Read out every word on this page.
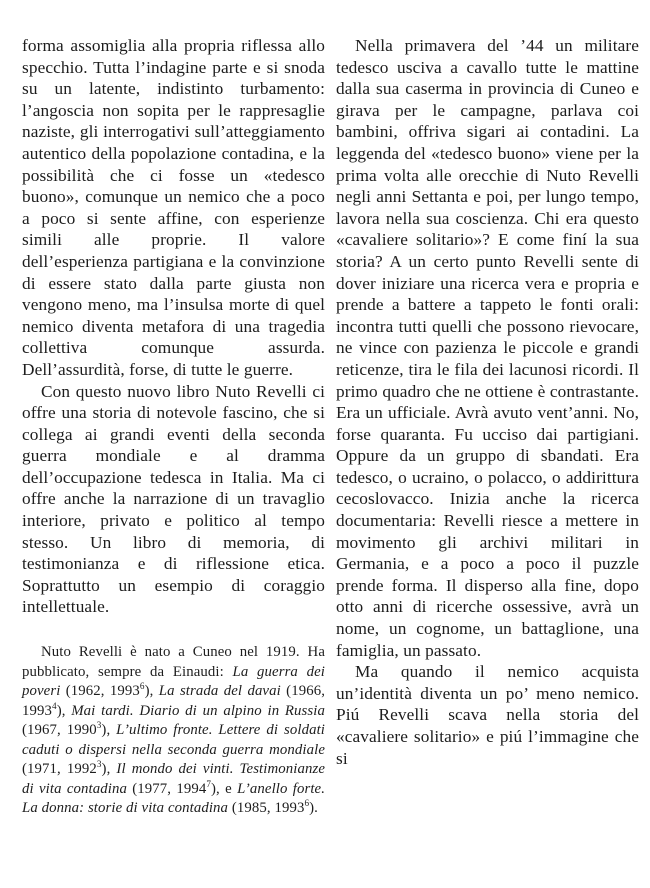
forma assomiglia alla propria riflessa allo specchio. Tutta l’indagine parte e si snoda su un latente, indistinto turbamento: l’angoscia non sopita per le rappresaglie naziste, gli interrogativi sull’atteggiamento autentico della popolazione contadina, e la possibilità che ci fosse un «tedesco buono», comunque un nemico che a poco a poco si sente affine, con esperienze simili alle proprie. Il valore dell’esperienza partigiana e la convinzione di essere stato dalla parte giusta non vengono meno, ma l’insulsa morte di quel nemico diventa metafora di una tragedia collettiva comunque assurda. Dell’assurdità, forse, di tutte le guerre.

Con questo nuovo libro Nuto Revelli ci offre una storia di notevole fascino, che si collega ai grandi eventi della seconda guerra mondiale e al dramma dell’occupazione tedesca in Italia. Ma ci offre anche la narrazione di un travaglio interiore, privato e politico al tempo stesso. Un libro di memoria, di testimonianza e di riflessione etica. Soprattutto un esempio di coraggio intellettuale.

Nuto Revelli è nato a Cuneo nel 1919. Ha pubblicato, sempre da Einaudi: La guerra dei poveri (1962, 1993$^6$), La strada del davai (1966, 1993$^4$), Mai tardi. Diario di un alpino in Russia (1967, 1990$^3$), L’ultimo fronte. Lettere di soldati caduti o dispersi nella seconda guerra mondiale (1971, 1992$^3$), Il mondo dei vinti. Testimonianze di vita contadina (1977, 1994$^7$), e L’anello forte. La donna: storie di vita contadina (1985, 1993$^6$).

Nella primavera del ’44 un militare tedesco usciva a cavallo tutte le mattine dalla sua caserma in provincia di Cuneo e girava per le campagne, parlava coi bambini, offriva sigari ai contadini. La leggenda del «tedesco buono» viene per la prima volta alle orecchie di Nuto Revelli negli anni Settanta e poi, per lungo tempo, lavora nella sua coscienza. Chi era questo «cavaliere solitario»? E come finí la sua storia? A un certo punto Revelli sente di dover iniziare una ricerca vera e propria e prende a battere a tappeto le fonti orali: incontra tutti quelli che possono rievocare, ne vince con pazienza le piccole e grandi reticenze, tira le fila dei lacunosi ricordi. Il primo quadro che ne ottiene è contrastante. Era un ufficiale. Avrà avuto vent’anni. No, forse quaranta. Fu ucciso dai partigiani. Oppure da un gruppo di sbandati. Era tedesco, o ucraino, o polacco, o addirittura cecoslovacco. Inizia anche la ricerca documentaria: Revelli riesce a mettere in movimento gli archivi militari in Germania, e a poco a poco il puzzle prende forma. Il disperso alla fine, dopo otto anni di ricerche ossessive, avrà un nome, un cognome, un battaglione, una famiglia, un passato.

Ma quando il nemico acquista un’identità diventa un po’ meno nemico. Piú Revelli scava nella storia del «cavaliere solitario» e piú l’immagine che si
